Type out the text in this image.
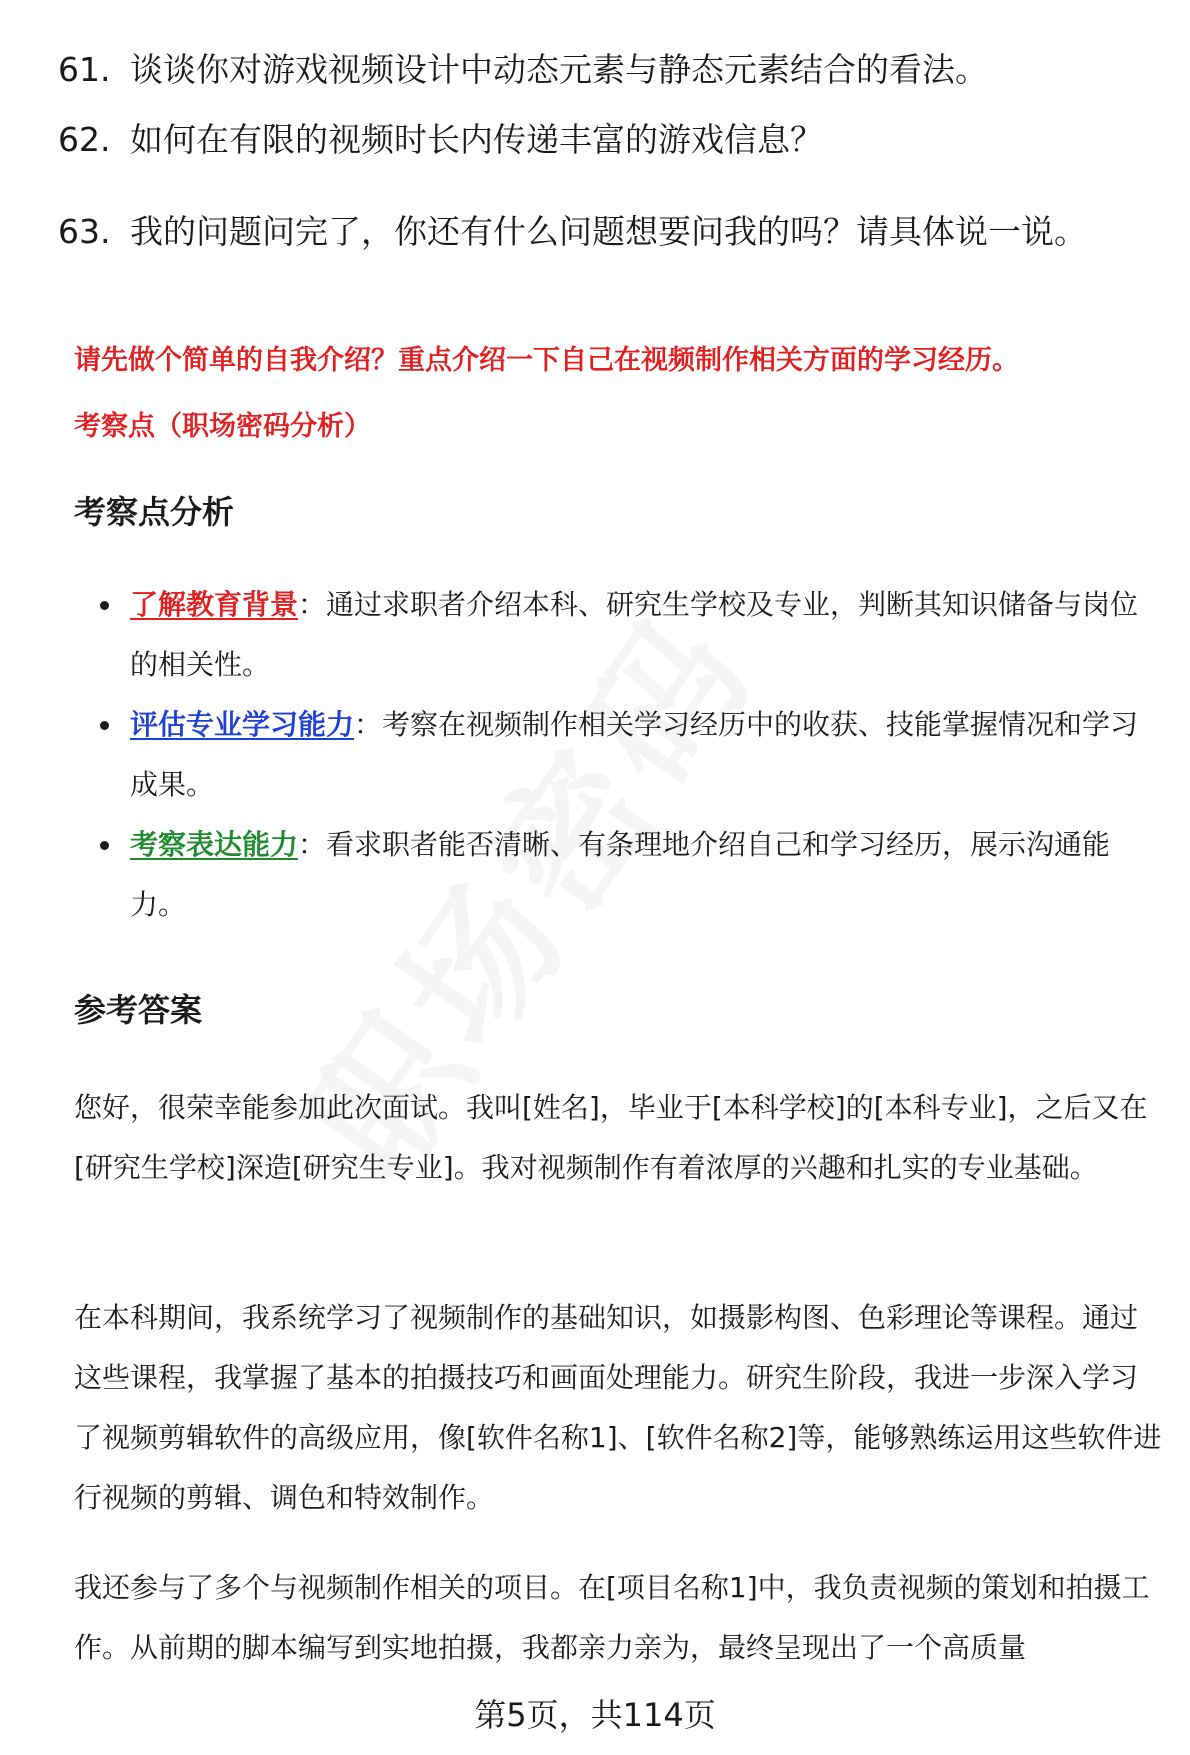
61. 谈谈你对游戏视频设计中动态元素与静态元素结合的看法。
62. 如何在有限的视频时长内传递丰富的游戏信息？
63. 我的问题问完了，你还有什么问题想要问我的吗？请具体说一说。
请先做个简单的自我介绍？重点介绍一下自己在视频制作相关方面的学习经历。
考察点（职场密码分析）
考察点分析
了解教育背景：通过求职者介绍本科、研究生学校及专业，判断其知识储备与岗位的相关性。
评估专业学习能力：考察在视频制作相关学习经历中的收获、技能掌握情况和学习成果。
考察表达能力：看求职者能否清晰、有条理地介绍自己和学习经历，展示沟通能力。
参考答案
您好，很荣幸能参加此次面试。我叫[姓名]，毕业于[本科学校]的[本科专业]，之后又在[研究生学校]深造[研究生专业]。我对视频制作有着浓厚的兴趣和扎实的专业基础。
在本科期间，我系统学习了视频制作的基础知识，如摄影构图、色彩理论等课程。通过这些课程，我掌握了基本的拍摄技巧和画面处理能力。研究生阶段，我进一步深入学习了视频剪辑软件的高级应用，像[软件名称1]、[软件名称2]等，能够熟练运用这些软件进行视频的剪辑、调色和特效制作。
我还参与了多个与视频制作相关的项目。在[项目名称1]中，我负责视频的策划和拍摄工作。从前期的脚本编写到实地拍摄，我都亲力亲为，最终呈现出了一个高质量
第5页，共114页
